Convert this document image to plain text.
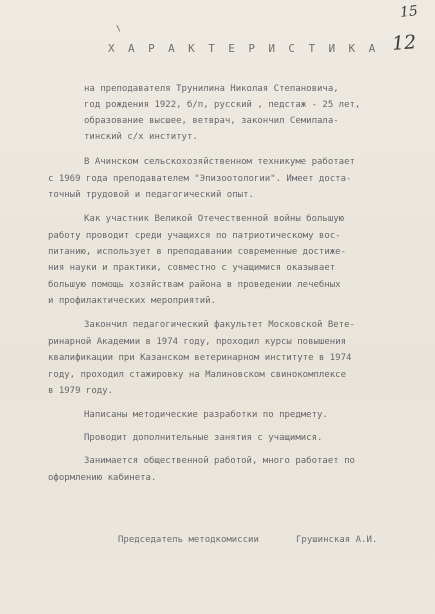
\
15
12
Х А Р А К Т Е Р И С Т И К А
на преподавателя Трунилина Николая Степановича,
год рождения 1922, б/п, русский , педстаж - 25 лет,
образование высшее, ветврач, закончил Семипала-
тинский с/х институт.
В Ачинском сельскохозяйственном техникуме работает
с 1969 года преподавателем "Эпизоотологии". Имеет доста-
точный трудовой и педагогический опыт.
Как участник Великой Отечественной войны большую
работу проводит среди учащихся по патриотическому вос-
питанию, использует в преподавании современные достиже-
ния науки и практики, совместно с учащимися оказывает
большую помощь хозяйствам района в проведении лечебных
и профилактических мероприятий.
Закончил педагогический факультет Московской Вете-
ринарной Академии в 1974 году, проходил курсы повышения
квалификации при Казанском ветеринарном институте в 1974
году, проходил стажировку на Малиновском свинокомплексе
в 1979 году.
Написаны методические разработки по предмету.
Проводит дополнительные занятия с учащимися.
Занимается общественной работой, много работает по
оформлению кабинета.
Председатель методкомиссии	Грушинская А.И.
